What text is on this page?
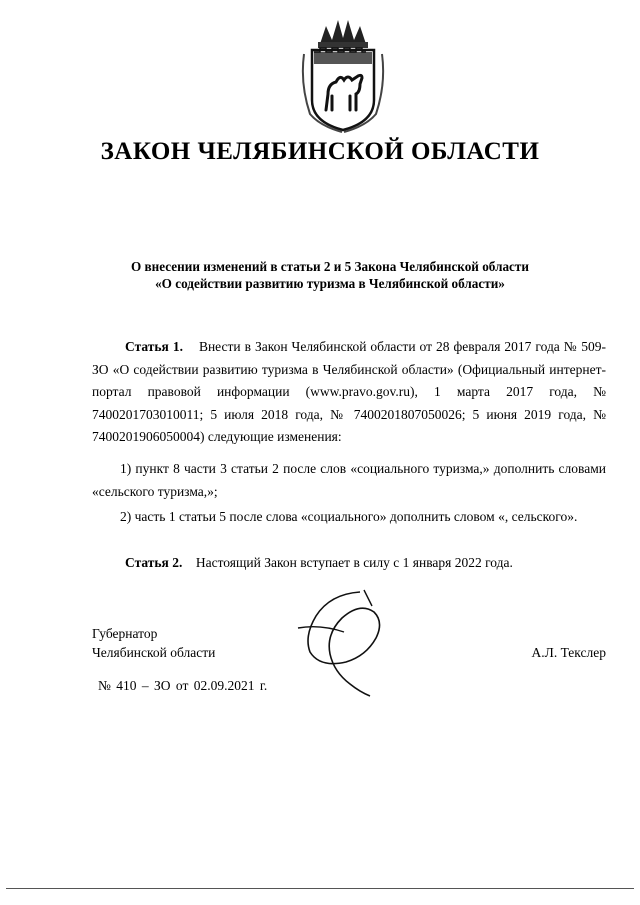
ЗАКОН ЧЕЛЯБИНСКОЙ ОБЛАСТИ
О внесении изменений в статьи 2 и 5 Закона Челябинской области
«О содействии развитию туризма в Челябинской области»
Статья 1. Внести в Закон Челябинской области от 28 февраля 2017 года № 509-ЗО «О содействии развитию туризма в Челябинской области» (Официальный интернет-портал правовой информации (www.pravo.gov.ru), 1 марта 2017 года, № 7400201703010011; 5 июля 2018 года, № 7400201807050026; 5 июня 2019 года, № 7400201906050004) следующие изменения:
1) пункт 8 части 3 статьи 2 после слов «социального туризма,» дополнить словами «сельского туризма,»;
2) часть 1 статьи 5 после слова «социального» дополнить словом «, сельского».
Статья 2. Настоящий Закон вступает в силу с 1 января 2022 года.
Губернатор
Челябинской области	А.Л. Текслер
№ 410 – ЗО от 02.09.2021 г.
